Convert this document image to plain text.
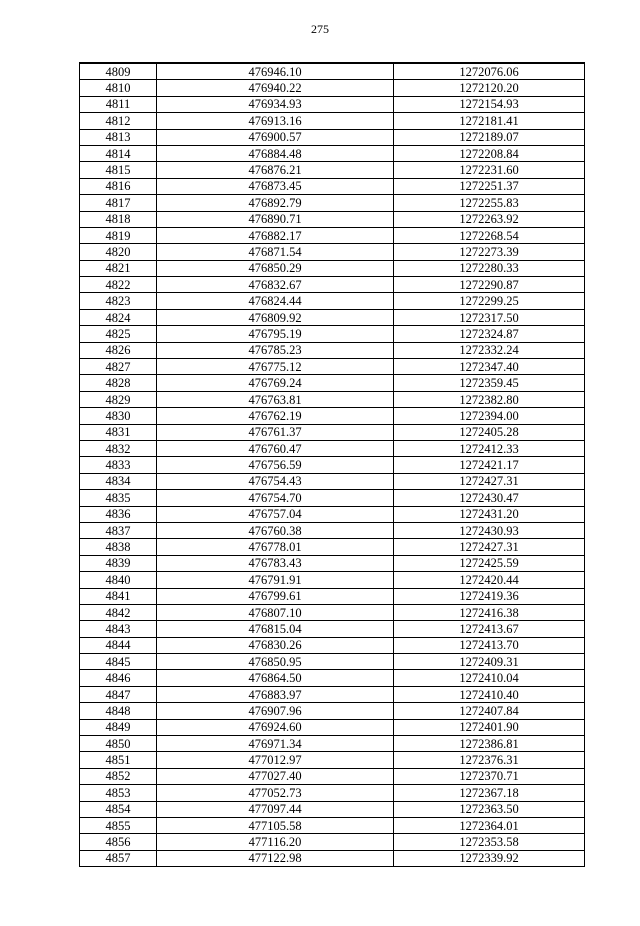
275
4809	476946.10	1272076.06
4810	476940.22	1272120.20
4811	476934.93	1272154.93
4812	476913.16	1272181.41
4813	476900.57	1272189.07
4814	476884.48	1272208.84
4815	476876.21	1272231.60
4816	476873.45	1272251.37
4817	476892.79	1272255.83
4818	476890.71	1272263.92
4819	476882.17	1272268.54
4820	476871.54	1272273.39
4821	476850.29	1272280.33
4822	476832.67	1272290.87
4823	476824.44	1272299.25
4824	476809.92	1272317.50
4825	476795.19	1272324.87
4826	476785.23	1272332.24
4827	476775.12	1272347.40
4828	476769.24	1272359.45
4829	476763.81	1272382.80
4830	476762.19	1272394.00
4831	476761.37	1272405.28
4832	476760.47	1272412.33
4833	476756.59	1272421.17
4834	476754.43	1272427.31
4835	476754.70	1272430.47
4836	476757.04	1272431.20
4837	476760.38	1272430.93
4838	476778.01	1272427.31
4839	476783.43	1272425.59
4840	476791.91	1272420.44
4841	476799.61	1272419.36
4842	476807.10	1272416.38
4843	476815.04	1272413.67
4844	476830.26	1272413.70
4845	476850.95	1272409.31
4846	476864.50	1272410.04
4847	476883.97	1272410.40
4848	476907.96	1272407.84
4849	476924.60	1272401.90
4850	476971.34	1272386.81
4851	477012.97	1272376.31
4852	477027.40	1272370.71
4853	477052.73	1272367.18
4854	477097.44	1272363.50
4855	477105.58	1272364.01
4856	477116.20	1272353.58
4857	477122.98	1272339.92
